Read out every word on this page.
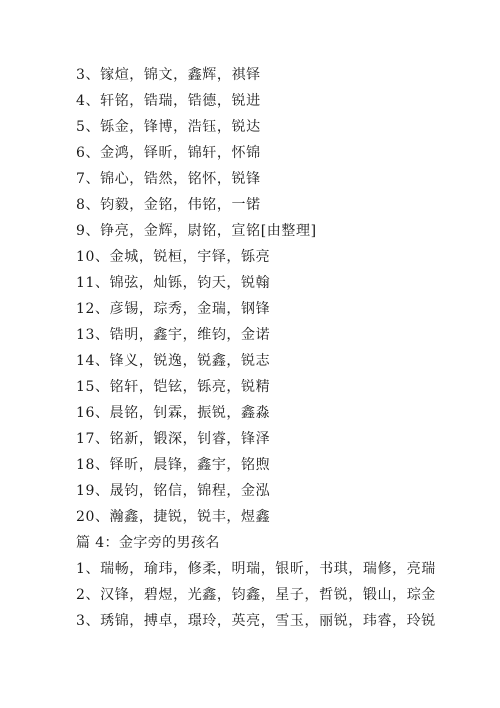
3、镓煊，锦文，鑫辉，祺铎
4、轩铭，锆瑞，锆德，锐进
5、铄金，锋博，浩钰，锐达
6、金鸿，铎昕，锦轩，怀锦
7、锦心，锆然，铭怀，锐锋
8、钧毅，金铭，伟铭，一锘
9、铮亮，金辉，尉铭，宣铭[由整理]
10、金城，锐桓，宇铎，铄亮
11、锦弦，灿铄，钧天，锐翰
12、彦锡，琮秀，金瑞，钢锋
13、锆明，鑫宇，维钧，金诺
14、锋义，锐逸，锐鑫，锐志
15、铭轩，铠铉，铄亮，锐精
16、晨铭，钊霖，振锐，鑫淼
17、铭新，锻深，钊睿，锋泽
18、铎昕，晨锋，鑫宇，铭煦
19、晟钧，铭信，锦程，金泓
20、瀚鑫，捷锐，锐丰，煜鑫
篇 4：金字旁的男孩名
1、瑞畅，瑜玮，修柔，明瑞，银昕，书琪，瑞修，亮瑞
2、汉锋，碧煜，光鑫，钧鑫，星子，哲锐，锻山，琮金
3、琇锦，搏卓，璟玲，英亮，雪玉，丽锐，玮睿，玲锐
